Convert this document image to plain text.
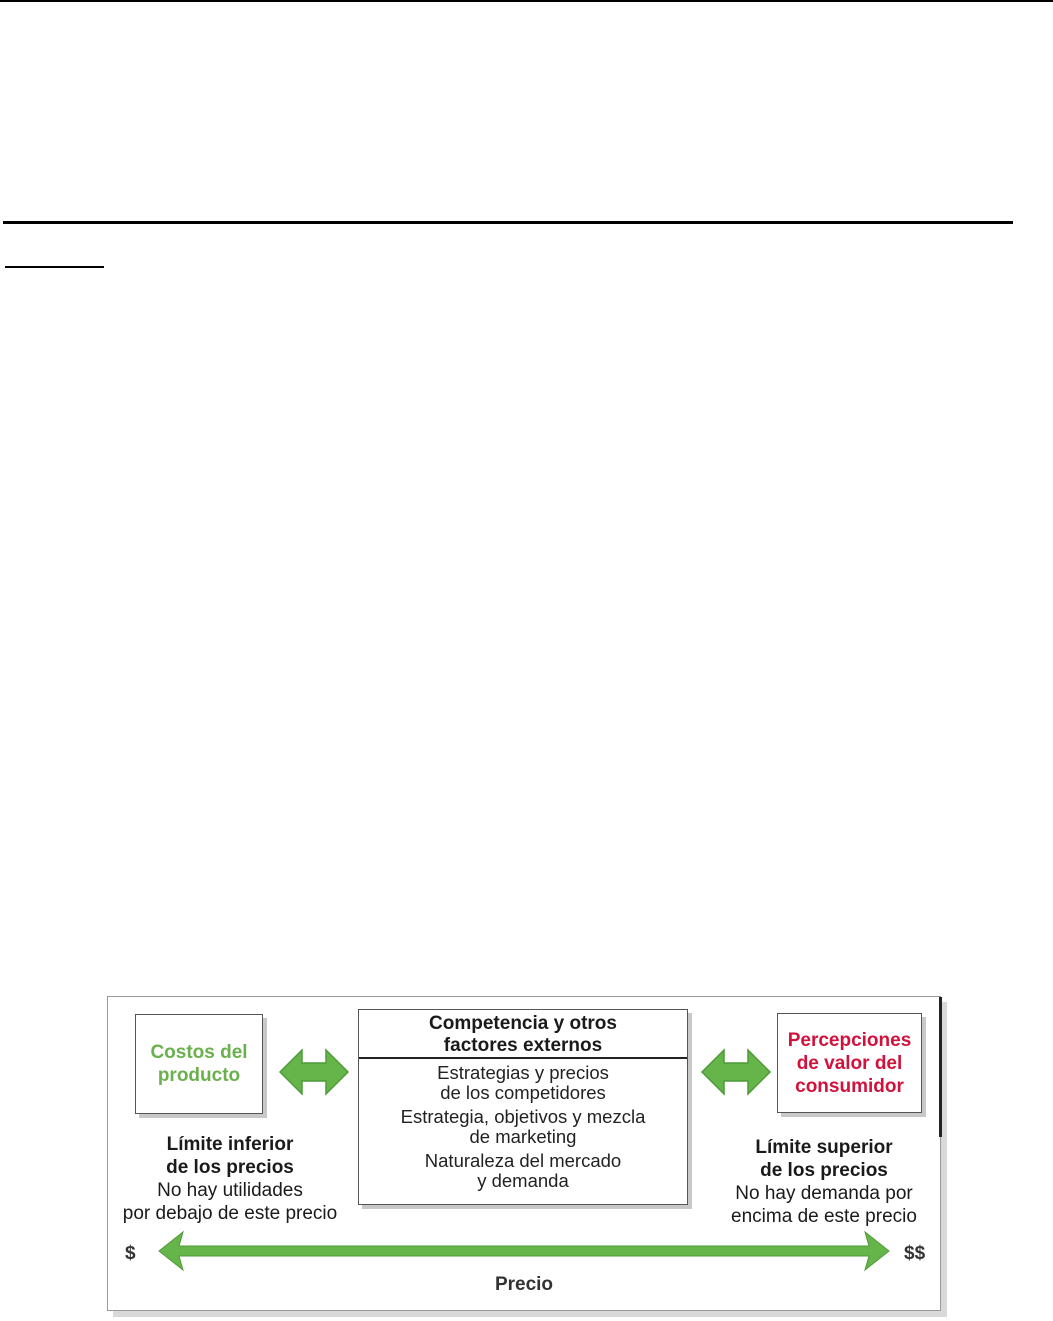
Costos del
producto
Competencia y otros
factores externos
Estrategias y precios
de los competidores
Estrategia, objetivos y mezcla
de marketing
Naturaleza del mercado
y demanda
Percepciones
de valor del
consumidor
Límite inferior
de los precios
No hay utilidades
por debajo de este precio
Límite superior
de los precios
No hay demanda por
encima de este precio
$	$$
Precio
